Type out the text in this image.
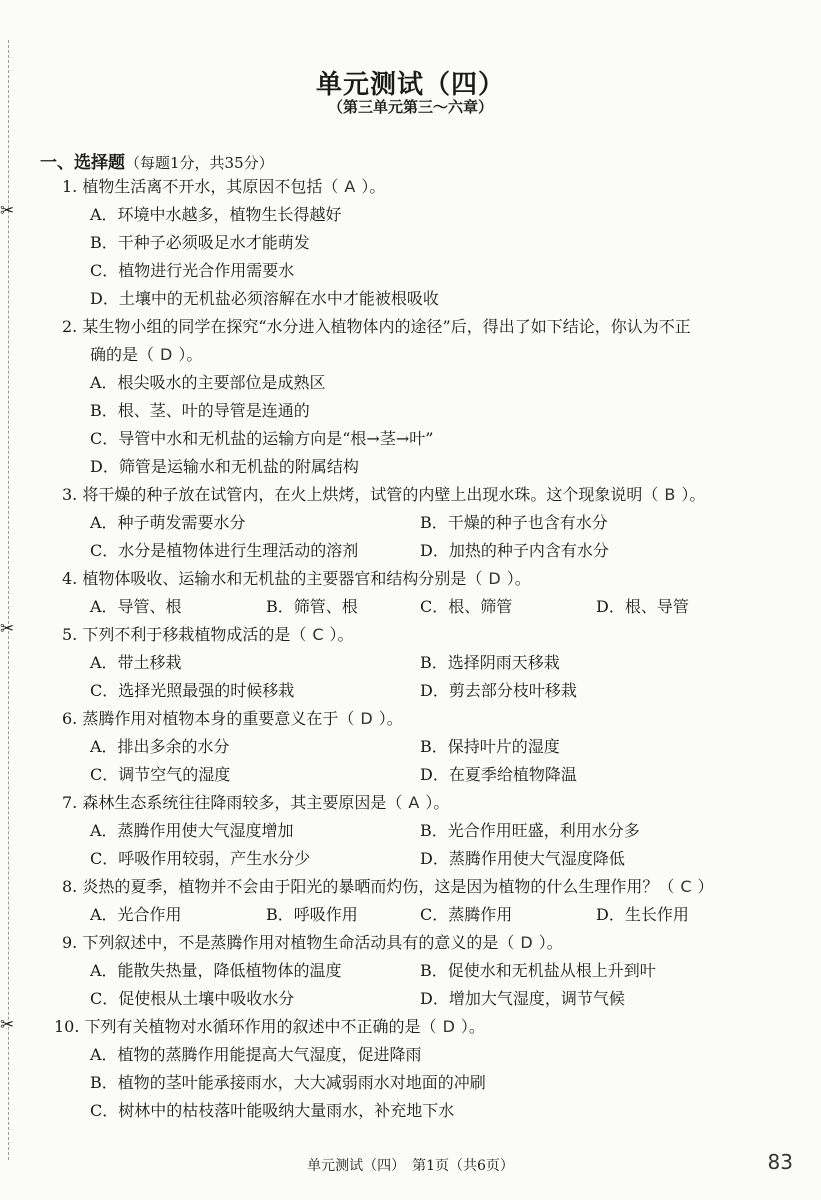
✂
✂
✂
单元测试（四）
（第三单元第三～六章）
一、选择题（每题1分，共35分）
1. 植物生活离不开水，其原因不包括（ A ）。
A．环境中水越多，植物生长得越好
B．干种子必须吸足水才能萌发
C．植物进行光合作用需要水
D．土壤中的无机盐必须溶解在水中才能被根吸收
2. 某生物小组的同学在探究“水分进入植物体内的途径”后，得出了如下结论，你认为不正
确的是（ D ）。
A．根尖吸水的主要部位是成熟区
B．根、茎、叶的导管是连通的
C．导管中水和无机盐的运输方向是“根→茎→叶”
D．筛管是运输水和无机盐的附属结构
3. 将干燥的种子放在试管内，在火上烘烤，试管的内壁上出现水珠。这个现象说明（ B ）。
A．种子萌发需要水分	B．干燥的种子也含有水分
C．水分是植物体进行生理活动的溶剂	D．加热的种子内含有水分
4. 植物体吸收、运输水和无机盐的主要器官和结构分别是（ D ）。
A．导管、根	B．筛管、根	C．根、筛管	D．根、导管
5. 下列不利于移栽植物成活的是（ C ）。
A．带土移栽	B．选择阴雨天移栽
C．选择光照最强的时候移栽	D．剪去部分枝叶移栽
6. 蒸腾作用对植物本身的重要意义在于（ D ）。
A．排出多余的水分	B．保持叶片的湿度
C．调节空气的湿度	D．在夏季给植物降温
7. 森林生态系统往往降雨较多，其主要原因是（ A ）。
A．蒸腾作用使大气湿度增加	B．光合作用旺盛，利用水分多
C．呼吸作用较弱，产生水分少	D．蒸腾作用使大气湿度降低
8. 炎热的夏季，植物并不会由于阳光的暴晒而灼伤，这是因为植物的什么生理作用？（ C ）
A．光合作用	B．呼吸作用	C．蒸腾作用	D．生长作用
9. 下列叙述中，不是蒸腾作用对植物生命活动具有的意义的是（ D ）。
A．能散失热量，降低植物体的温度	B．促使水和无机盐从根上升到叶
C．促使根从土壤中吸收水分	D．增加大气湿度，调节气候
10. 下列有关植物对水循环作用的叙述中不正确的是（ D ）。
A．植物的蒸腾作用能提高大气湿度，促进降雨
B．植物的茎叶能承接雨水，大大减弱雨水对地面的冲刷
C．树林中的枯枝落叶能吸纳大量雨水，补充地下水
单元测试（四）　第1页（共6页）	83
